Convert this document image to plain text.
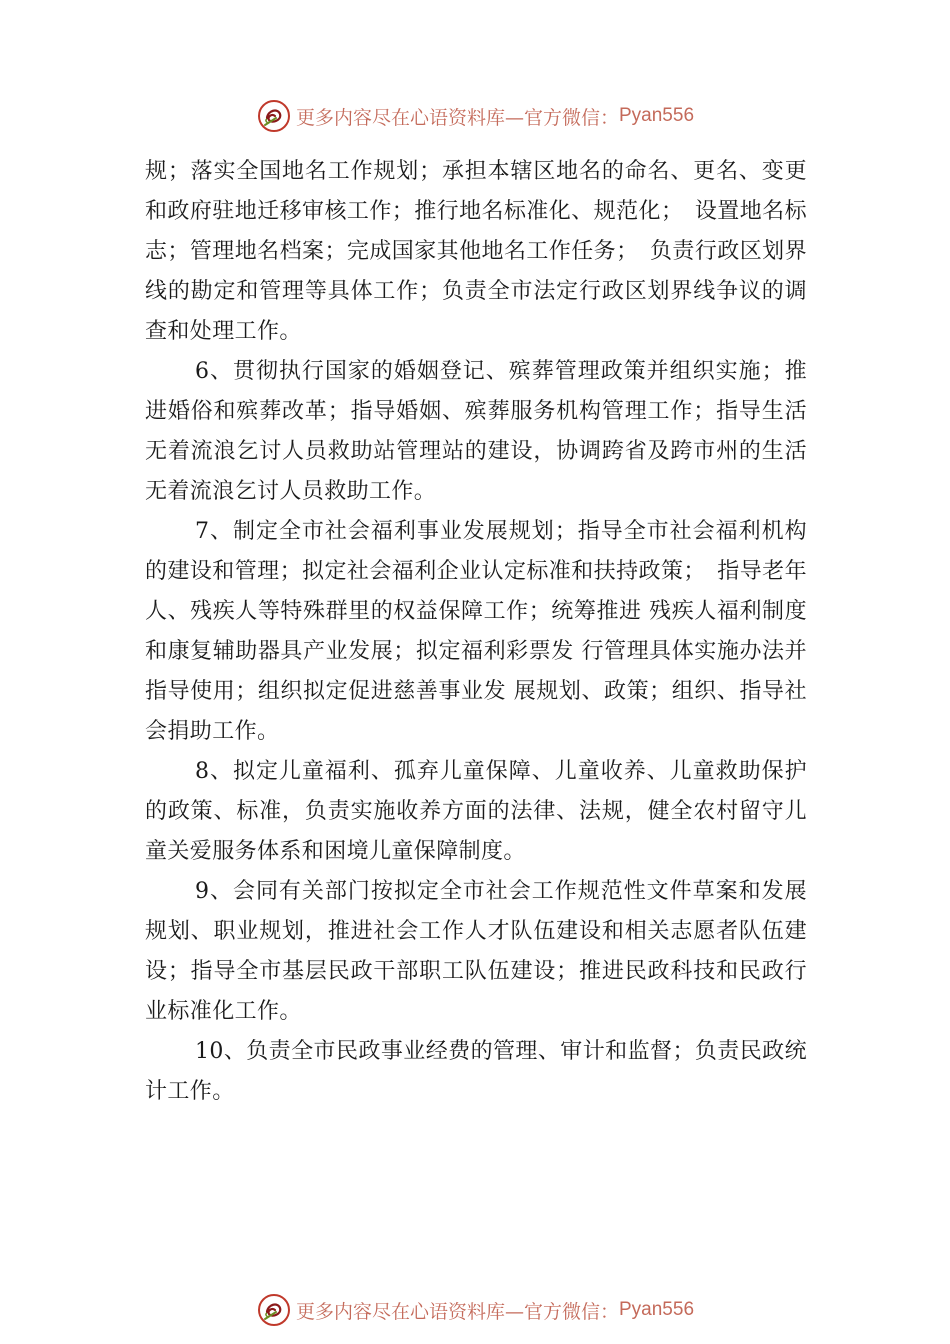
更多内容尽在心语资料库—官方微信： Pyan556

规；落实全国地名工作规划；承担本辖区地名的命名、更名、变更和政府驻地迁移审核工作；推行地名标准化、规范化；　设置地名标志；管理地名档案；完成国家其他地名工作任务；　负责行政区划界线的勘定和管理等具体工作；负责全市法定行政区划界线争议的调查和处理工作。

6、贯彻执行国家的婚姻登记、殡葬管理政策并组织实施；推进婚俗和殡葬改革；指导婚姻、殡葬服务机构管理工作；指导生活无着流浪乞讨人员救助站管理站的建设，协调跨省及跨市州的生活无着流浪乞讨人员救助工作。

7、制定全市社会福利事业发展规划；指导全市社会福利机构的建设和管理；拟定社会福利企业认定标准和扶持政策；　指导老年人、残疾人等特殊群里的权益保障工作；统筹推进 残疾人福利制度和康复辅助器具产业发展；拟定福利彩票发 行管理具体实施办法并指导使用；组织拟定促进慈善事业发 展规划、政策；组织、指导社会捐助工作。

8、拟定儿童福利、孤弃儿童保障、儿童收养、儿童救助保护的政策、标准，负责实施收养方面的法律、法规，健全农村留守儿童关爱服务体系和困境儿童保障制度。

9、会同有关部门按拟定全市社会工作规范性文件草案和发展规划、职业规划，推进社会工作人才队伍建设和相关志愿者队伍建设；指导全市基层民政干部职工队伍建设；推进民政科技和民政行业标准化工作。

10、负责全市民政事业经费的管理、审计和监督；负责民政统计工作。

更多内容尽在心语资料库—官方微信： Pyan556
